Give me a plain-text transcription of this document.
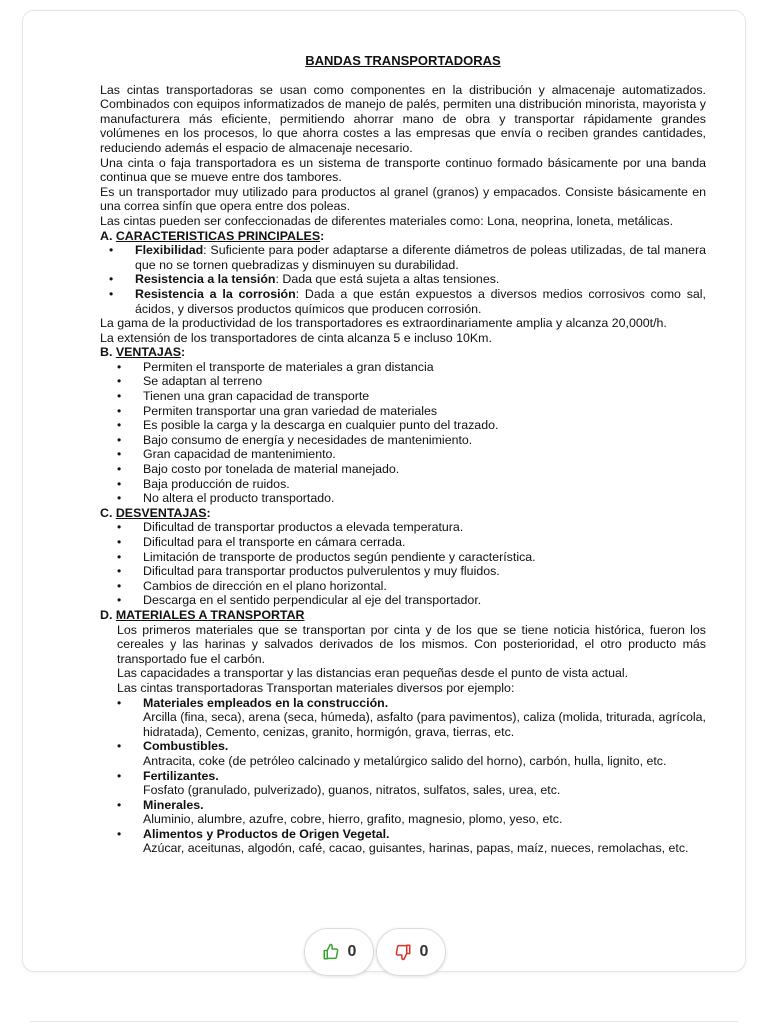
BANDAS TRANSPORTADORAS

Las cintas transportadoras se usan como componentes en la distribución y almacenaje automatizados. Combinados con equipos informatizados de manejo de palés, permiten una distribución minorista, mayorista y manufacturera más eficiente, permitiendo ahorrar mano de obra y transportar rápidamente grandes volúmenes en los procesos, lo que ahorra costes a las empresas que envía o reciben grandes cantidades, reduciendo además el espacio de almacenaje necesario.

Una cinta o faja transportadora es un sistema de transporte continuo formado básicamente por una banda continua que se mueve entre dos tambores.

Es un transportador muy utilizado para productos al granel (granos) y empacados. Consiste básicamente en una correa sinfín que opera entre dos poleas.

Las cintas pueden ser confeccionadas de diferentes materiales como: Lona, neoprina, loneta, metálicas.

A. CARACTERISTICAS PRINCIPALES:

• Flexibilidad: Suficiente para poder adaptarse a diferente diámetros de poleas utilizadas, de tal manera que no se tornen quebradizas y disminuyen su durabilidad.
• Resistencia a la tensión: Dada que está sujeta a altas tensiones.
• Resistencia a la corrosión: Dada a que están expuestos a diversos medios corrosivos como sal, ácidos, y diversos productos químicos que producen corrosión.

La gama de la productividad de los transportadores es extraordinariamente amplia y alcanza 20,000t/h.

La extensión de los transportadores de cinta alcanza 5 e incluso 10Km.

B. VENTAJAS:

• Permiten el transporte de materiales a gran distancia
• Se adaptan al terreno
• Tienen una gran capacidad de transporte
• Permiten transportar una gran variedad de materiales
• Es posible la carga y la descarga en cualquier punto del trazado.
• Bajo consumo de energía y necesidades de mantenimiento.
• Gran capacidad de mantenimiento.
• Bajo costo por tonelada de material manejado.
• Baja producción de ruidos.
• No altera el producto transportado.

C. DESVENTAJAS:

• Dificultad de transportar productos a elevada temperatura.
• Dificultad para el transporte en cámara cerrada.
• Limitación de transporte de productos según pendiente y característica.
• Dificultad para transportar productos pulverulentos y muy fluidos.
• Cambios de dirección en el plano horizontal.
• Descarga en el sentido perpendicular al eje del transportador.

D. MATERIALES A TRANSPORTAR

Los primeros materiales que se transportan por cinta y de los que se tiene noticia histórica, fueron los cereales y las harinas y salvados derivados de los mismos. Con posterioridad, el otro producto más transportado fue el carbón.

Las capacidades a transportar y las distancias eran pequeñas desde el punto de vista actual.

Las cintas transportadoras Transportan materiales diversos por ejemplo:

• Materiales empleados en la construcción.
Arcilla (fina, seca), arena (seca, húmeda), asfalto (para pavimentos), caliza (molida, triturada, agrícola, hidratada), Cemento, cenizas, granito, hormigón, grava, tierras, etc.
• Combustibles.
Antracita, coke (de petróleo calcinado y metalúrgico salido del horno), carbón, hulla, lignito, etc.
• Fertilizantes.
Fosfato (granulado, pulverizado), guanos, nitratos, sulfatos, sales, urea, etc.
• Minerales.
Aluminio, alumbre, azufre, cobre, hierro, grafito, magnesio, plomo, yeso, etc.
• Alimentos y Productos de Origen Vegetal.
Azúcar, aceitunas, algodón, café, cacao, guisantes, harinas, papas, maíz, nueces, remolachas, etc.
0	0
